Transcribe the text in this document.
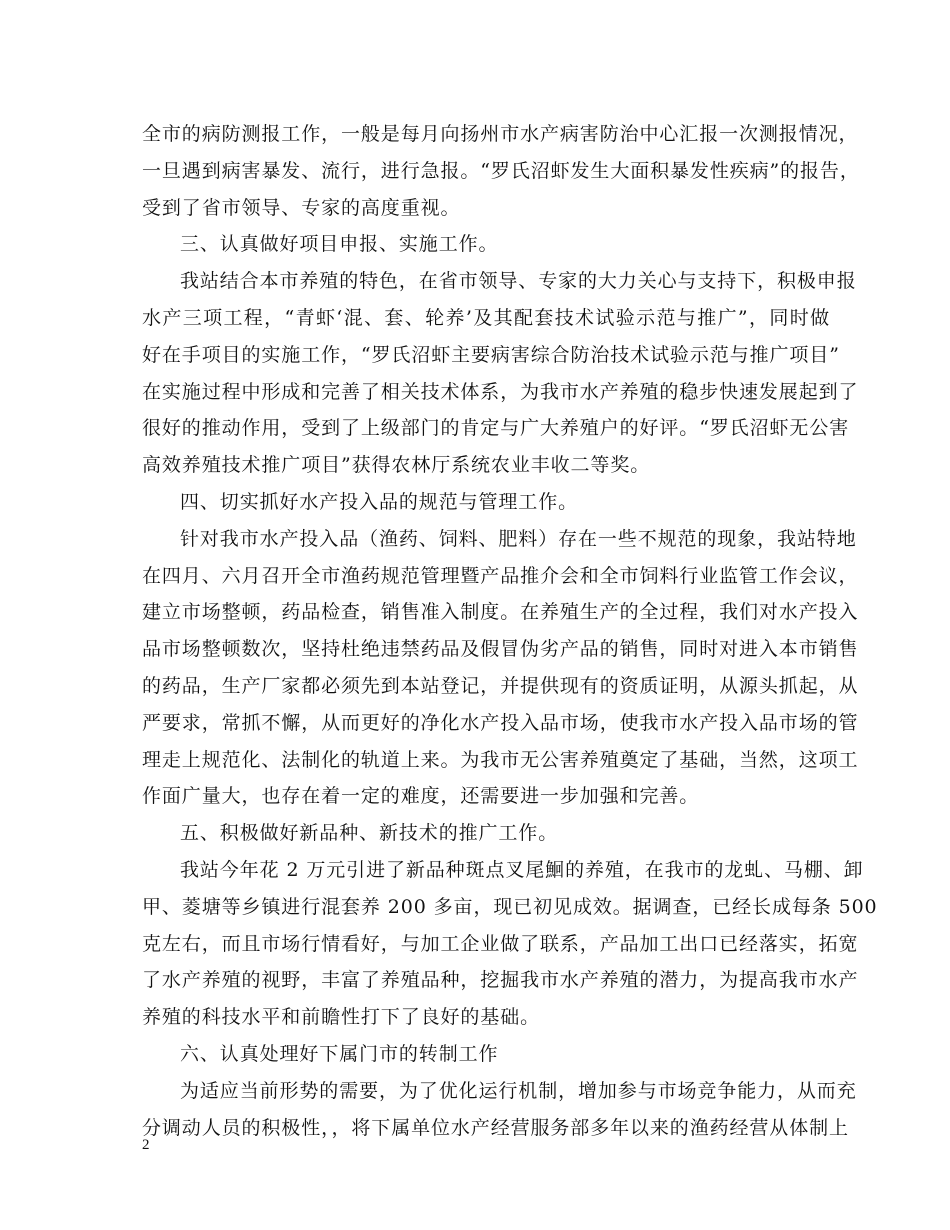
全市的病防测报工作，一般是每月向扬州市水产病害防治中心汇报一次测报情况，
一旦遇到病害暴发、流行，进行急报。“罗氏沼虾发生大面积暴发性疾病”的报告，
受到了省市领导、专家的高度重视。
三、认真做好项目申报、实施工作。
我站结合本市养殖的特色，在省市领导、专家的大力关心与支持下，积极申报
水产三项工程，“青虾‘混、套、轮养’及其配套技术试验示范与推广”，同时做
好在手项目的实施工作，“罗氏沼虾主要病害综合防治技术试验示范与推广项目”
在实施过程中形成和完善了相关技术体系，为我市水产养殖的稳步快速发展起到了
很好的推动作用，受到了上级部门的肯定与广大养殖户的好评。“罗氏沼虾无公害
高效养殖技术推广项目”获得农林厅系统农业丰收二等奖。
四、切实抓好水产投入品的规范与管理工作。
针对我市水产投入品（渔药、饲料、肥料）存在一些不规范的现象，我站特地
在四月、六月召开全市渔药规范管理暨产品推介会和全市饲料行业监管工作会议，
建立市场整顿，药品检查，销售准入制度。在养殖生产的全过程，我们对水产投入
品市场整顿数次，坚持杜绝违禁药品及假冒伪劣产品的销售，同时对进入本市销售
的药品，生产厂家都必须先到本站登记，并提供现有的资质证明，从源头抓起，从
严要求，常抓不懈，从而更好的净化水产投入品市场，使我市水产投入品市场的管
理走上规范化、法制化的轨道上来。为我市无公害养殖奠定了基础，当然，这项工
作面广量大，也存在着一定的难度，还需要进一步加强和完善。
五、积极做好新品种、新技术的推广工作。
我站今年花 2 万元引进了新品种斑点叉尾鮰的养殖，在我市的龙虬、马棚、卸
甲、菱塘等乡镇进行混套养 200 多亩，现已初见成效。据调查，已经长成每条 500
克左右，而且市场行情看好，与加工企业做了联系，产品加工出口已经落实，拓宽
了水产养殖的视野，丰富了养殖品种，挖掘我市水产养殖的潜力，为提高我市水产
养殖的科技水平和前瞻性打下了良好的基础。
六、认真处理好下属门市的转制工作
为适应当前形势的需要，为了优化运行机制，增加参与市场竞争能力，从而充
分调动人员的积极性，，将下属单位水产经营服务部多年以来的渔药经营从体制上
2
